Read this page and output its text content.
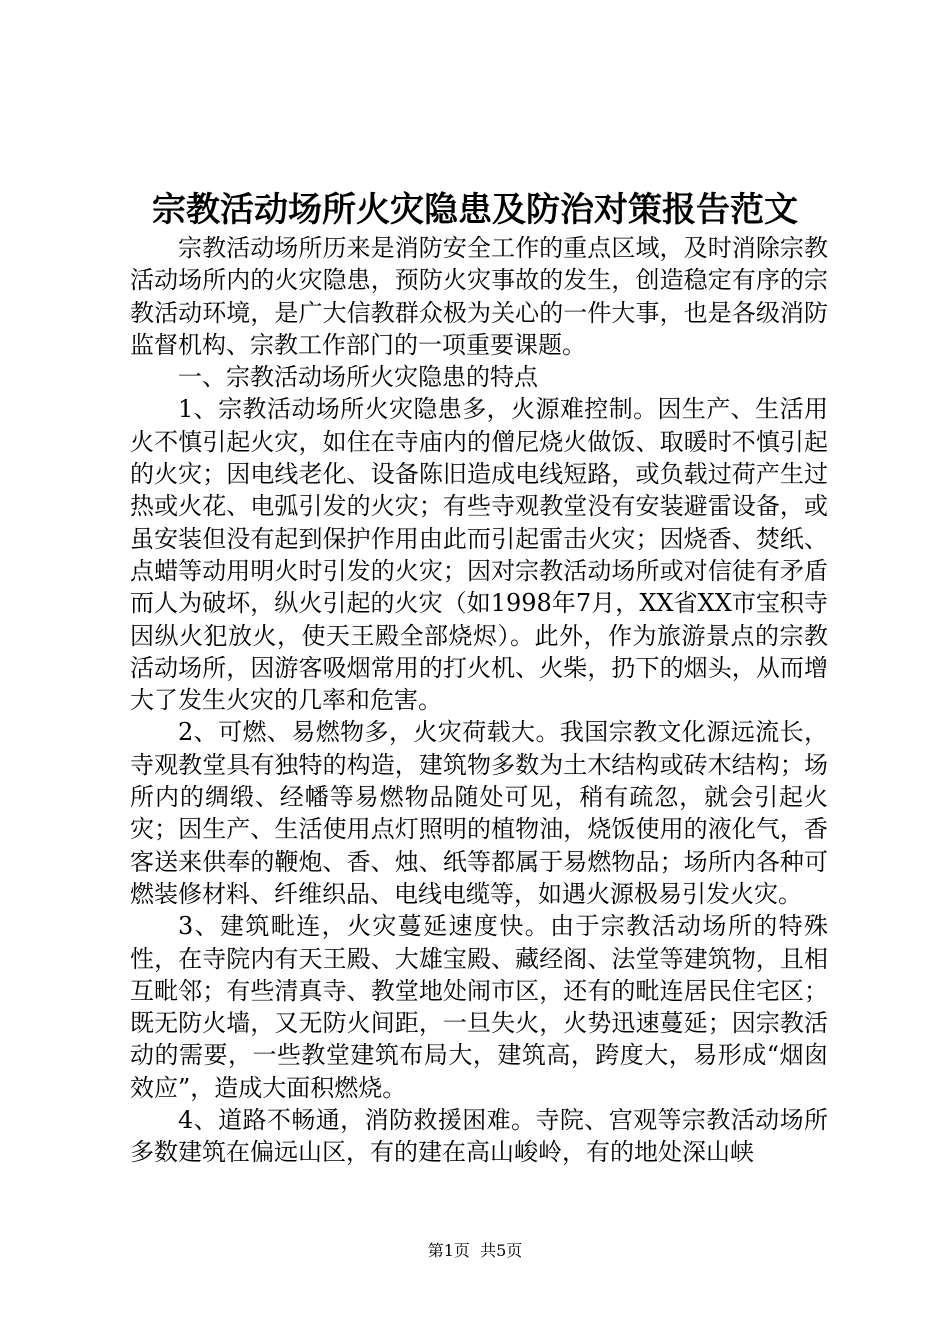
宗教活动场所火灾隐患及防治对策报告范文

宗教活动场所历来是消防安全工作的重点区域，及时消除宗教活动场所内的火灾隐患，预防火灾事故的发生，创造稳定有序的宗教活动环境，是广大信教群众极为关心的一件大事，也是各级消防监督机构、宗教工作部门的一项重要课题。

一、宗教活动场所火灾隐患的特点

1、宗教活动场所火灾隐患多，火源难控制。因生产、生活用火不慎引起火灾，如住在寺庙内的僧尼烧火做饭、取暖时不慎引起的火灾；因电线老化、设备陈旧造成电线短路，或负载过荷产生过热或火花、电弧引发的火灾；有些寺观教堂没有安装避雷设备，或虽安装但没有起到保护作用由此而引起雷击火灾；因烧香、焚纸、点蜡等动用明火时引发的火灾；因对宗教活动场所或对信徒有矛盾而人为破坏，纵火引起的火灾（如1998年7月，XX省XX市宝积寺因纵火犯放火，使天王殿全部烧烬）。此外，作为旅游景点的宗教活动场所，因游客吸烟常用的打火机、火柴，扔下的烟头，从而增大了发生火灾的几率和危害。

2、可燃、易燃物多，火灾荷载大。我国宗教文化源远流长，寺观教堂具有独特的构造，建筑物多数为土木结构或砖木结构；场所内的绸缎、经幡等易燃物品随处可见，稍有疏忽，就会引起火灾；因生产、生活使用点灯照明的植物油，烧饭使用的液化气，香客送来供奉的鞭炮、香、烛、纸等都属于易燃物品；场所内各种可燃装修材料、纤维织品、电线电缆等，如遇火源极易引发火灾。

3、建筑毗连，火灾蔓延速度快。由于宗教活动场所的特殊性，在寺院内有天王殿、大雄宝殿、藏经阁、法堂等建筑物，且相互毗邻；有些清真寺、教堂地处闹市区，还有的毗连居民住宅区；既无防火墙，又无防火间距，一旦失火，火势迅速蔓延；因宗教活动的需要，一些教堂建筑布局大，建筑高，跨度大，易形成“烟囱效应”，造成大面积燃烧。

4、道路不畅通，消防救援困难。寺院、宫观等宗教活动场所多数建筑在偏远山区，有的建在高山峻岭，有的地处深山峡

第1页 共5页
